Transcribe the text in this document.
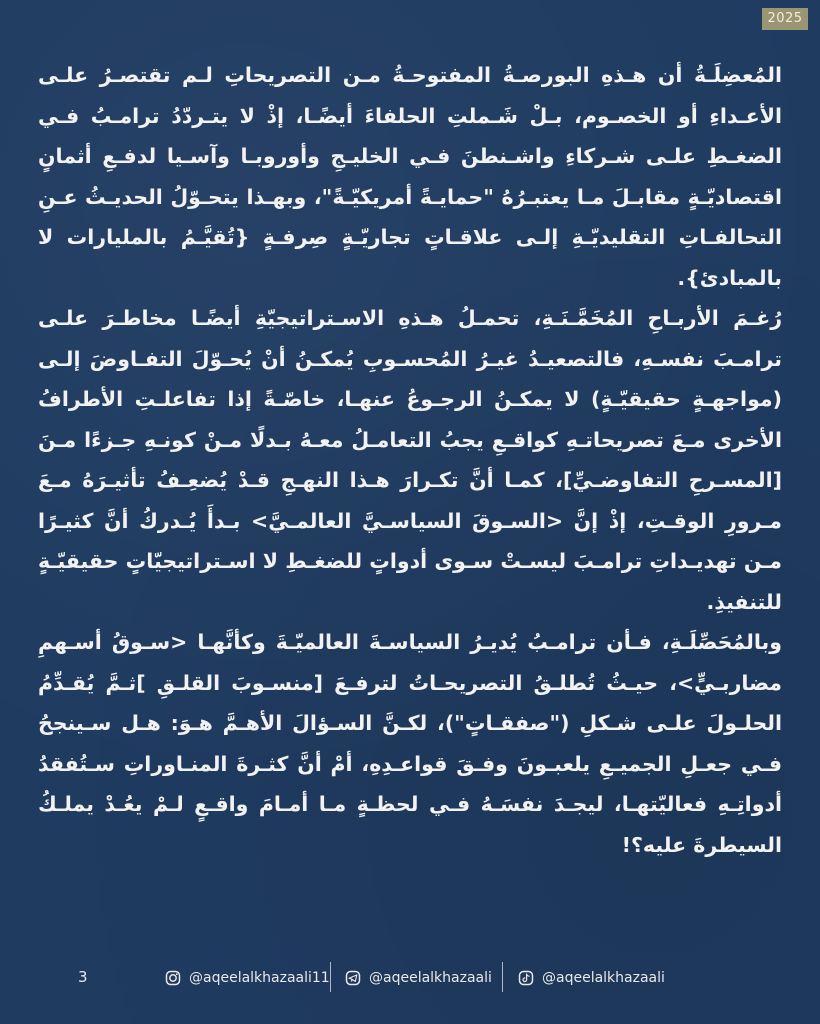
2025

المُعضِلَـةُ أن هـذهِ البورصـةُ المفتوحـةُ مـن التصريحاتِ لـم تقتصـرُ علـى الأعـداءِ أو الخصـوم، بـلْ شَـملتِ الحلفاءَ أيضًـا، إذْ لا يتـردّدُ ترامـبُ فـي الضغـطِ علـى شـركاءِ واشـنطنَ فـي الخليـجِ وأوروبـا وآسـيا لدفـعِ أثمانٍ اقتصاديّـةٍ مقابـلَ مـا يعتبـرُهُ "حمايـةً أمريكيّـةً"، وبهـذا يتحـوّلُ الحديـثُ عـنِ التحالفـاتِ التقليديّـةِ إلـى علاقـاتٍ تجاريّـةٍ صِرفـةٍ {تُقيَّـمُ بالمليارات لا بالمبادئ}.

رُغـمَ الأربـاحِ المُخَمَّـنَـةِ، تحمـلُ هـذهِ الاسـتراتيجيّةِ أيضًـا مخاطـرَ علـى ترامـبَ نفسـهِ، فالتصعيـدُ غيـرُ المُحسـوبِ يُمكـنُ أنْ يُحـوّلَ التفـاوضَ إلـى (مواجهـةٍ حقيقيّـةٍ) لا يمكـنُ الرجـوعُ عنهـا، خاصّـةً إذا تفاعلـتِ الأطرافُ الأخرى مـعَ تصريحاتـهِ كواقـعِ يجبُ التعامـلُ معـهُ بـدلًا مـنْ كونـهِ جـزءًا مـنَ [المسـرحِ التفاوضـيِّ]، كمـا أنَّ تكـرارَ هـذا النهـجِ قـدْ يُضعِـفُ تأثيـرَهُ مـعَ مـرورِ الوقـتِ، إذْ إنَّ <السـوقَ السياسـيَّ العالمـيَّ> بـدأَ يُـدركُ أنَّ كثيـرًا مـن تهديـداتِ ترامـبَ ليسـتْ سـوى أدواتٍ للضغـطِ لا اسـتراتيجيّاتٍ حقيقيّـةٍ للتنفيذِ.

وبالمُحَصِّلَـةِ، فـأن ترامـبُ يُديـرُ السياسـةَ العالميّـةَ وكأنَّهـا <سـوقُ أسـهمِ مضاربـيٍّ>، حيـثُ تُطلـقُ التصريحـاتُ لترفـعَ [منسـوبَ القلـقِ ]ثـمَّ يُقـدِّمُ الحلـولَ علـى شـكلِ ("صفقـاتٍ")، لكـنَّ السـؤالَ الأهـمَّ هـوَ: هـل سـينجحُ فـي جعـلِ الجميـعِ يلعبـونَ وفـقَ قواعـدِهِ، أمْ أنَّ كثـرةَ المنـاوراتِ سـتُفقدُ أدواتِـهِ فعاليّتهـا، ليجـدَ نفسَـهُ فـي لحظـةٍ مـا أمـامَ واقـعٍ لـمْ يعُـدْ يملـكُ السيطرةَ عليه؟!

3	@aqeelalkhazaali11	@aqeelalkhazaali	@aqeelalkhazaali
